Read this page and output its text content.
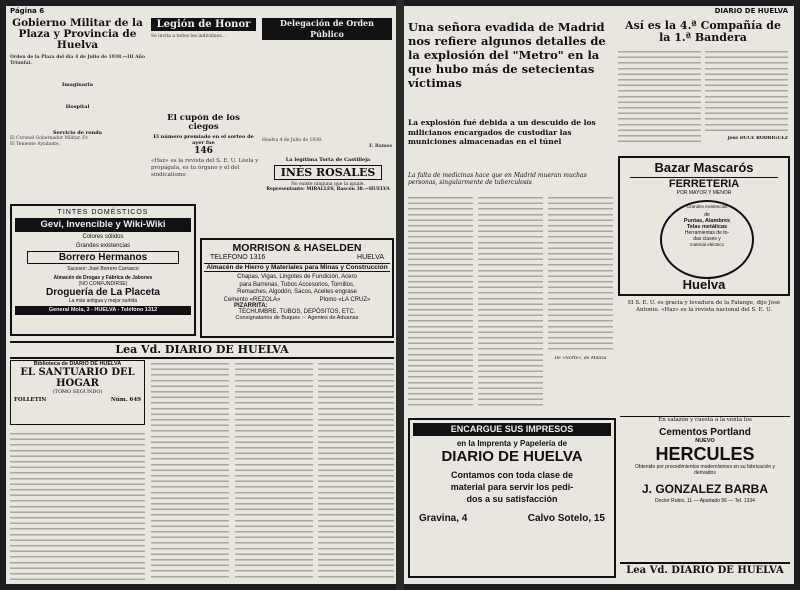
Página 6
Gobierno Militar de la Plaza y Provincia de Huelva
Orden de la Plaza del día 4 de Julio de 1938.—III Año Triunfal.
Imaginaria
Hospital
Servicio de ronda
El Coronel Gobernador Militar, Fr.
El Teniente Ayudante,
Legión de Honor
Se invita a todos los individuos...
Delegación de Orden Público
Huelva 4 de Julio de 1938.
F. Ramos
El cupón de los ciegos
El número premiado en el sorteo de ayer fue
146
La legítima Torta de Castilleja
INÉS ROSALES
No existe ninguna que la iguale.
Representante: MIRALLES, Rascón 38.—HUELVA
«Haz» es la revista del S. E. U. Léela y propágala, es tu órgano y el del sindicalismo
TINTES DOMÉSTICOS
Gevi, Invencible y Wiki-Wiki
Colores sólidos
Grandes existencias
Borrero Hermanos
Sucesor: José Borrero Carrasco
Almacén de Drogas y Fábrica de Jabones
(NO CONFUNDIRSE)
Droguería de La Placeta
La más antigua y mejor surtida
General Mola, 3 - HUELVA - Teléfono 1312
MORRISON & HASELDEN
TELEFONO 1316	HUELVA
Almacén de Hierro y Materiales para Minas y Construcción
Chapas, Vigas, Lingotes de Fundición, Acero
para Barrenas, Tubos Accesorios, Tornillos,
Remaches, Algodón, Sacos, Aceites engrase
Cemento «REZOLA»	Plomo «LA CRUZ»
PIZARRITA:
TECHUMBRE, TUBOS, DEPÓSITOS, ETC.
Consignatarios de Buques :-: Agentes de Aduanas
Lea Vd. DIARIO DE HUELVA
Biblioteca de DIARIO DE HUELVA
EL SANTUARIO DEL HOGAR
(TOMO SEGUNDO)
FOLLETIN	Núm. 649
DIARIO DE HUELVA
Una señora evadida de Madrid nos refiere algunos detalles de la explosión del "Metro" en la que hubo más de setecientas víctimas
La explosión fué debida a un descuido de los milicianos encargados de custodiar las municiones almacenadas en el túnel
La falta de medicinas hace que en Madrid mueran muchas personas, singularmente de tuberculosis
De «Norte», de Milicia
Así es la 4.ª Compañía de la 1.ª Bandera
José DUCE RODRÍGUEZ
Bazar Mascarós
FERRETERIA
POR MAYOR Y MENOR
Grandes existencias
de
Puntas, Alambres
Telas metálicas
Herramientas de to-
das clases y
material eléctrico
Huelva
El S. E. U. es gracia y levadura de la Falange, dijo José Antonio. «Haz» es la revista nacional del S. E. U.
ENCARGUE SUS IMPRESOS
en la Imprenta y Papelería de
DIARIO DE HUELVA
Contamos con toda clase de
material para servir los pedi-
dos a su satisfacción
Gravina, 4	Calvo Sotelo, 15
En salazón y cuesta a la venta los
Cementos Portland
NUEVO
HERCULES
Obtenido por procedimientos modernísimos en su fabricación y derivados
J. GONZALEZ BARBA
Doctor Rubio, 11 — Apartado 56 — Tel. 1334
Lea Vd. DIARIO DE HUELVA
